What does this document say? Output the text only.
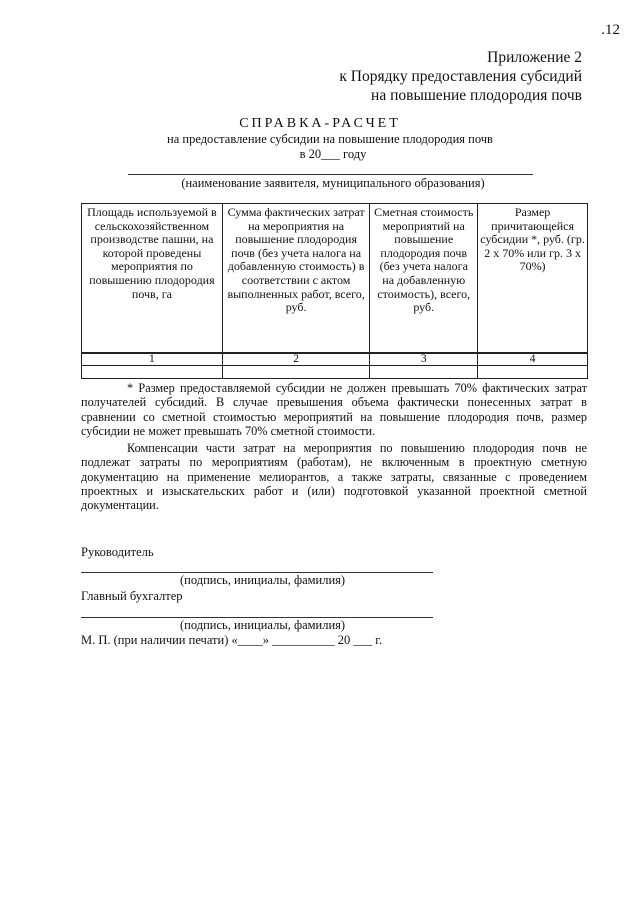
.12
Приложение 2
к Порядку предоставления субсидий
на повышение плодородия почв
СПРАВКА-РАСЧЕТ
на предоставление субсидии на повышение плодородия почв
в 20___ году
(наименование заявителя, муниципального образования)
Площадь используемой в сельскохозяйственном производстве пашни, на которой проведены мероприятия по повышению плодородия почв, га	Сумма фактических затрат на мероприятия на повышение плодородия почв (без учета налога на добавленную стоимость) в соответствии с актом выполненных работ, всего, руб.	Сметная стоимость мероприятий на повышение плодородия почв (без учета налога на добавленную стоимость), всего, руб.	Размер причитающейся субсидии *, руб. (гр. 2 х 70% или гр. 3 х 70%)
1	2	3	4

* Размер предоставляемой субсидии не должен превышать 70% фактических затрат получателей субсидий. В случае превышения объема фактически понесенных затрат в сравнении со сметной стоимостью мероприятий на повышение плодородия почв, размер субсидии не может превышать 70% сметной стоимости.

Компенсации части затрат на мероприятия по повышению плодородия почв не подлежат затраты по мероприятиям (работам), не включенным в проектную сметную документацию на применение мелиорантов, а также затраты, связанные с проведением проектных и изыскательских работ и (или) подготовкой указанной проектной сметной документации.

Руководитель
(подпись, инициалы, фамилия)
Главный бухгалтер
(подпись, инициалы, фамилия)
М. П. (при наличии печати) «____» __________ 20 ___ г.
